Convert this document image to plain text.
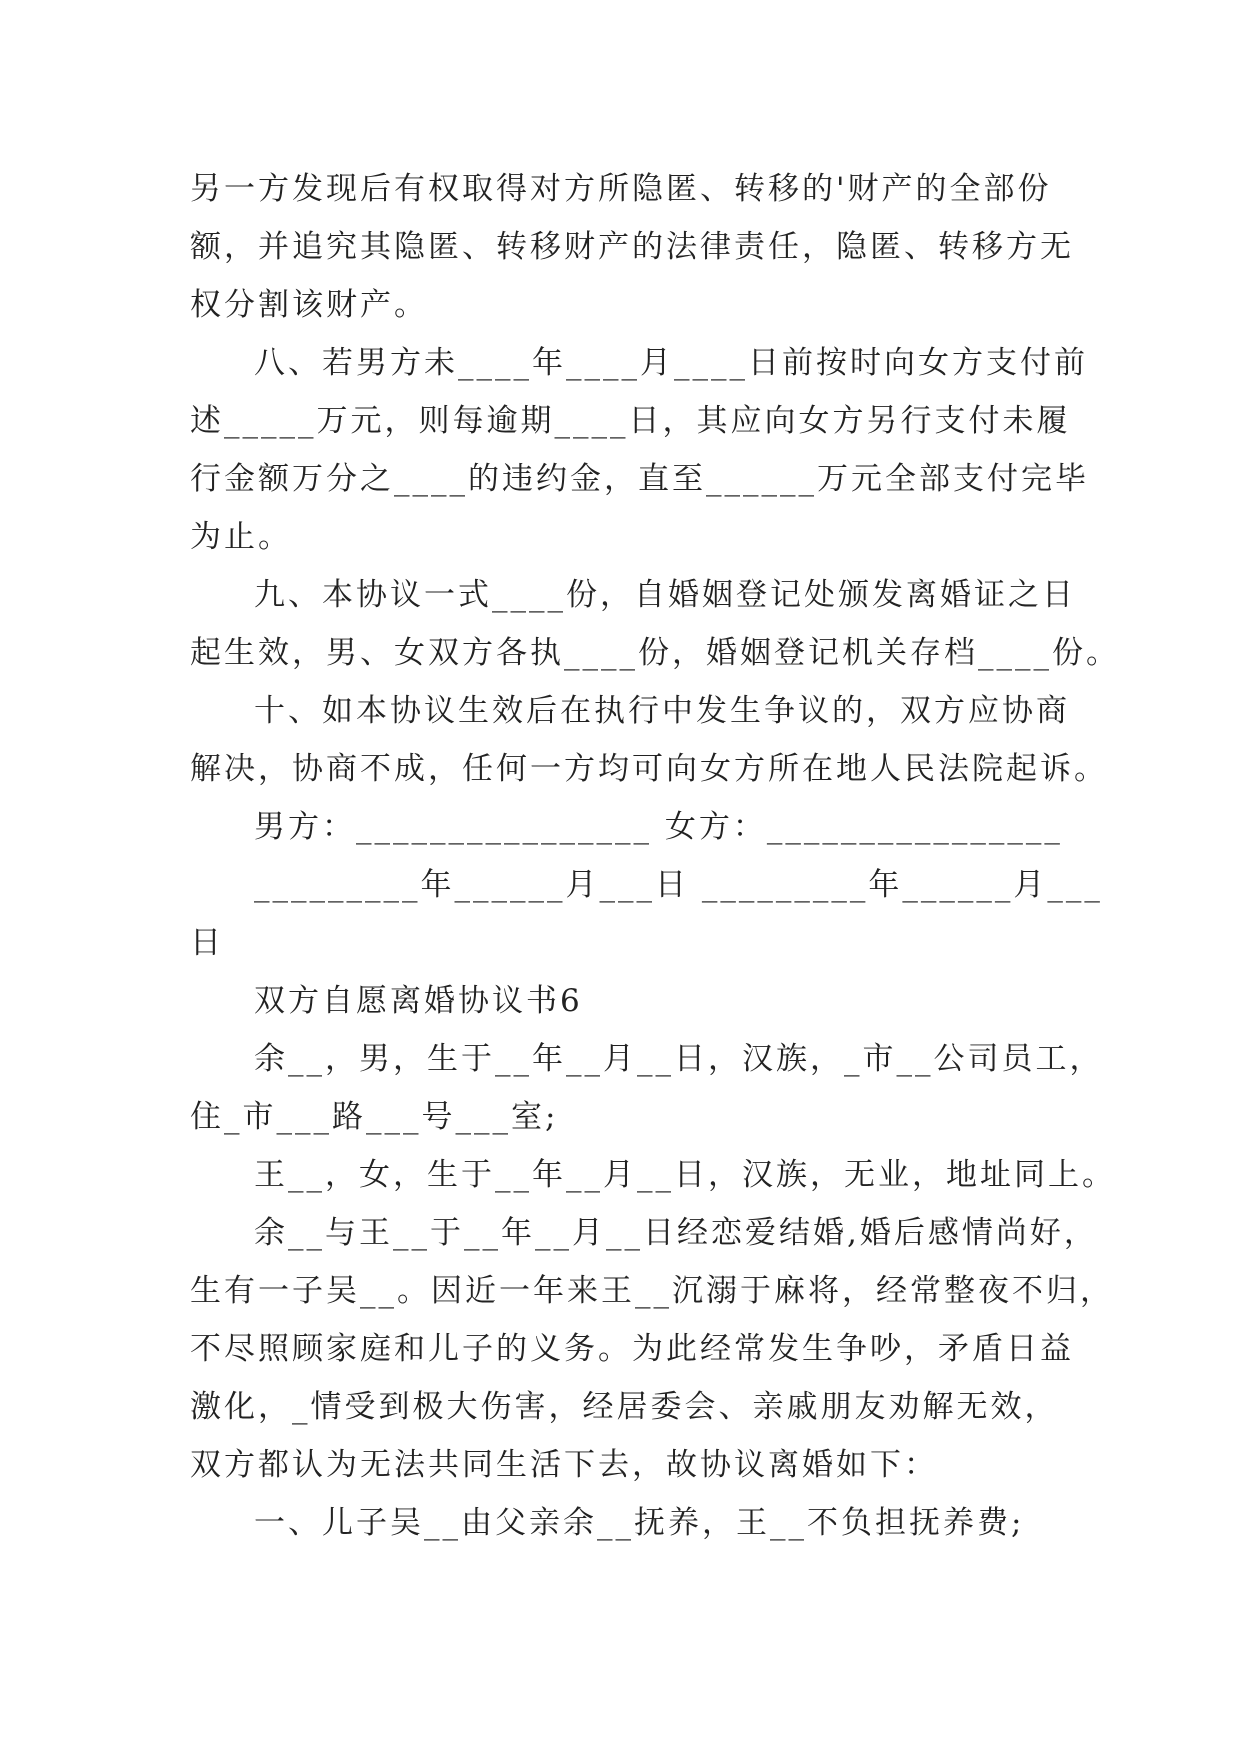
另一方发现后有权取得对方所隐匿、转移的'财产的全部份
额，并追究其隐匿、转移财产的法律责任，隐匿、转移方无
权分割该财产。
八、若男方未____年____月____日前按时向女方支付前
述_____万元，则每逾期____日，其应向女方另行支付未履
行金额万分之____的违约金，直至______万元全部支付完毕
为止。
九、本协议一式____份，自婚姻登记处颁发离婚证之日
起生效，男、女双方各执____份，婚姻登记机关存档____份。
十、如本协议生效后在执行中发生争议的，双方应协商
解决，协商不成，任何一方均可向女方所在地人民法院起诉。
男方：________________ 女方：________________
_________年______月___日 _________年______月___
日
双方自愿离婚协议书6
余__，男，生于__年__月__日，汉族，_市__公司员工，
住_市___路___号___室;
王__，女，生于__年__月__日，汉族，无业，地址同上。
余__与王__于__年__月__日经恋爱结婚,婚后感情尚好，
生有一子吴__。因近一年来王__沉溺于麻将，经常整夜不归，
不尽照顾家庭和儿子的义务。为此经常发生争吵，矛盾日益
激化，_情受到极大伤害，经居委会、亲戚朋友劝解无效，
双方都认为无法共同生活下去，故协议离婚如下：
一、儿子吴__由父亲余__抚养，王__不负担抚养费;
